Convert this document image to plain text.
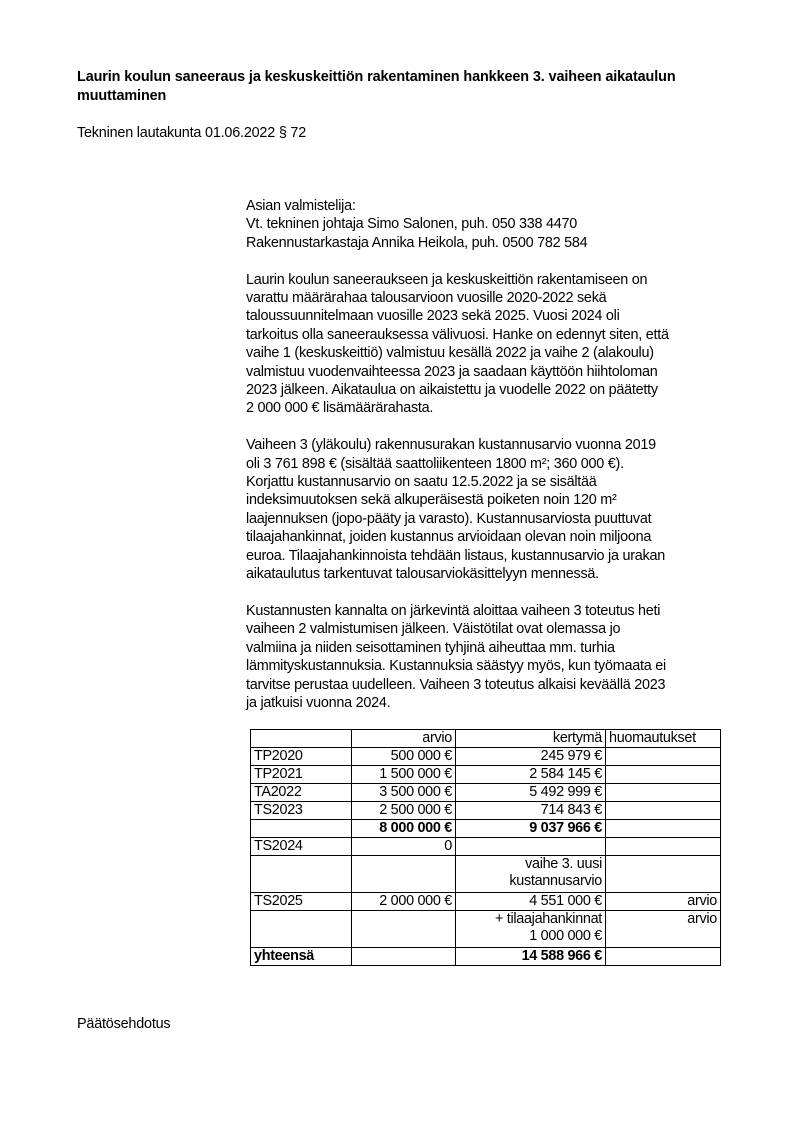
Laurin koulun saneeraus ja keskuskeittiön rakentaminen hankkeen 3. vaiheen aikataulun muuttaminen
Tekninen lautakunta 01.06.2022 § 72

Asian valmistelija:
Vt. tekninen johtaja Simo Salonen, puh. 050 338 4470
Rakennustarkastaja Annika Heikola, puh. 0500 782 584

Laurin koulun saneeraukseen ja keskuskeittiön rakentamiseen on
varattu määrärahaa talousarvioon vuosille 2020-2022 sekä
taloussuunnitelmaan vuosille 2023 sekä 2025. Vuosi 2024 oli
tarkoitus olla saneerauksessa välivuosi. Hanke on edennyt siten, että
vaihe 1 (keskuskeittiö) valmistuu kesällä 2022 ja vaihe 2 (alakoulu)
valmistuu vuodenvaihteessa 2023 ja saadaan käyttöön hiihtoloman
2023 jälkeen. Aikataulua on aikaistettu ja vuodelle 2022 on päätetty
2 000 000 € lisämäärärahasta.

Vaiheen 3 (yläkoulu) rakennusurakan kustannusarvio vuonna 2019
oli 3 761 898 € (sisältää saattoliikenteen 1800 m²; 360 000 €).
Korjattu kustannusarvio on saatu 12.5.2022 ja se sisältää
indeksimuutoksen sekä alkuperäisestä poiketen noin 120 m²
laajennuksen (jopo-pääty ja varasto). Kustannusarviosta puuttuvat
tilaajahankinnat, joiden kustannus arvioidaan olevan noin miljoona
euroa. Tilaajahankinnoista tehdään listaus, kustannusarvio ja urakan
aikataulutus tarkentuvat talousarviokäsittelyyn mennessä.

Kustannusten kannalta on järkevintä aloittaa vaiheen 3 toteutus heti
vaiheen 2 valmistumisen jälkeen. Väistötilat ovat olemassa jo
valmiina ja niiden seisottaminen tyhjinä aiheuttaa mm. turhia
lämmityskustannuksia. Kustannuksia säästyy myös, kun työmaata ei
tarvitse perustaa uudelleen. Vaiheen 3 toteutus alkaisi keväällä 2023
ja jatkuisi vuonna 2024.

	arvio	kertymä	huomautukset
TP2020	500 000 €	245 979 €	
TP2021	1 500 000 €	2 584 145 €	
TA2022	3 500 000 €	5 492 999 €	
TS2023	2 500 000 €	714 843 €	
	8 000 000 €	9 037 966 €	
TS2024	0		

		vaihe 3. uusi
kustannusarvio	

TS2025	2 000 000 €	4 551 000 €	arvio

		+ tilaajahankinnat
1 000 000 €	arvio
yhteensä		14 588 966 €	
Päätösehdotus
